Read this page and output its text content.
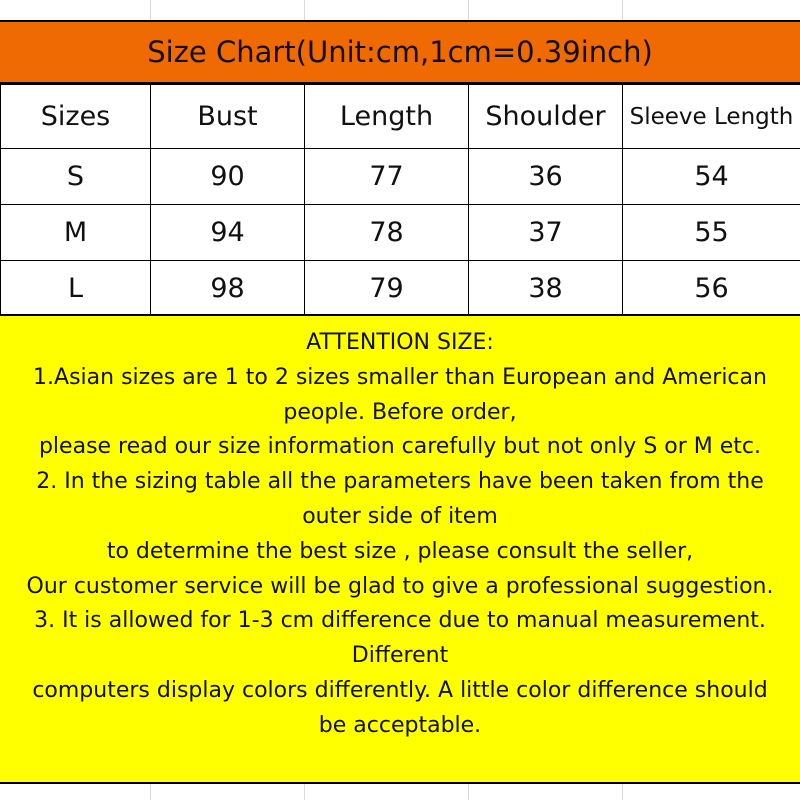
Size Chart(Unit:cm,1cm=0.39inch)
Sizes	Bust	Length	Shoulder	Sleeve Length
S	90	77	36	54
M	94	78	37	55
L	98	79	38	56

ATTENTION SIZE:

1.Asian sizes are 1 to 2 sizes smaller than European and American

people. Before order,

please read our size information carefully but not only S or M etc.

2. In the sizing table all the parameters have been taken from the

outer side of item

to determine the best size , please consult the seller,

Our customer service will be glad to give a professional suggestion.

3. It is allowed for 1-3 cm difference due to manual measurement.

Different

computers display colors differently. A little color difference should

be acceptable.
